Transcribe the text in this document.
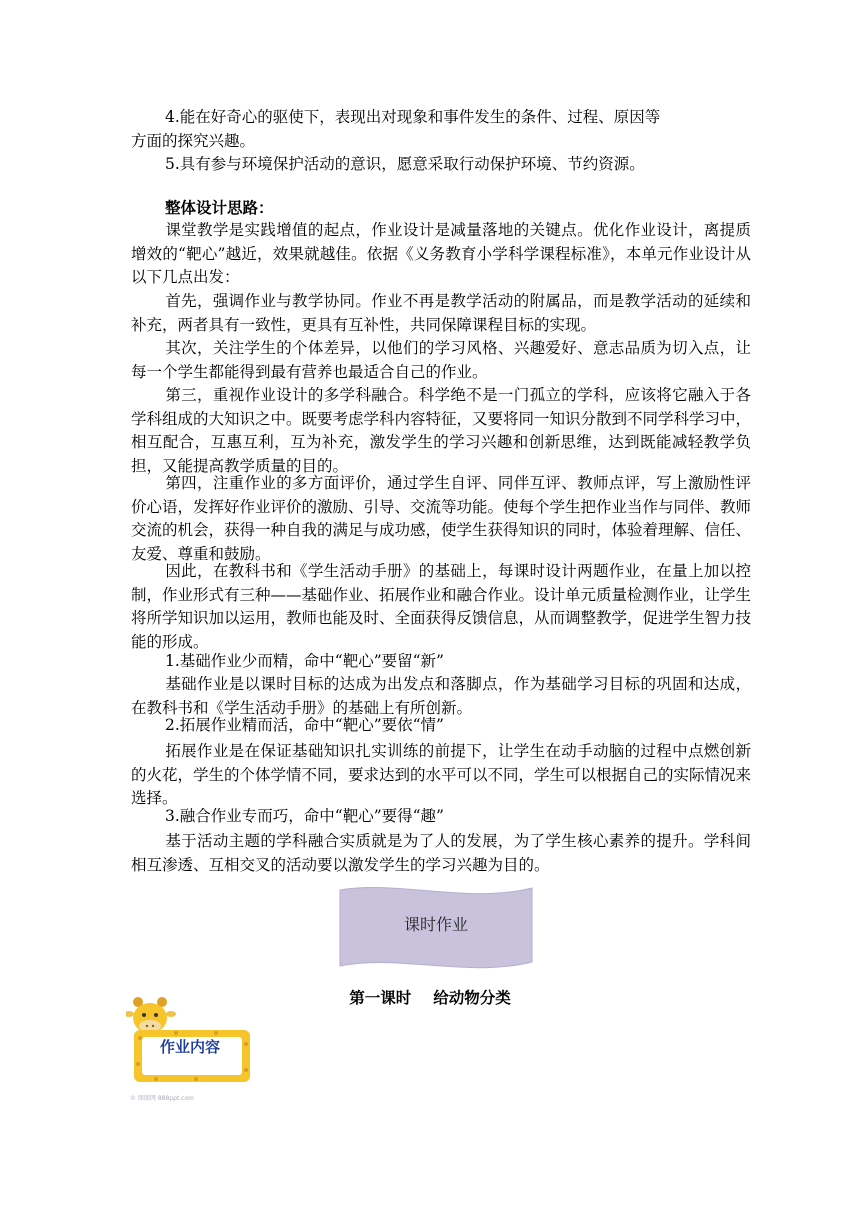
4.能在好奇心的驱使下，表现出对现象和事件发生的条件、过程、原因等

方面的探究兴趣。

5.具有参与环境保护活动的意识，愿意采取行动保护环境、节约资源。

整体设计思路：

课堂教学是实践增值的起点，作业设计是减量落地的关键点。优化作业设计，离提质增效的“靶心”越近，效果就越佳。依据《义务教育小学科学课程标准》，本单元作业设计从以下几点出发：

首先，强调作业与教学协同。作业不再是教学活动的附属品，而是教学活动的延续和补充，两者具有一致性，更具有互补性，共同保障课程目标的实现。

其次，关注学生的个体差异，以他们的学习风格、兴趣爱好、意志品质为切入点，让每一个学生都能得到最有营养也最适合自己的作业。

第三，重视作业设计的多学科融合。科学绝不是一门孤立的学科，应该将它融入于各学科组成的大知识之中。既要考虑学科内容特征，又要将同一知识分散到不同学科学习中，相互配合，互惠互利，互为补充，激发学生的学习兴趣和创新思维，达到既能减轻教学负担，又能提高教学质量的目的。

第四，注重作业的多方面评价，通过学生自评、同伴互评、教师点评，写上激励性评价心语，发挥好作业评价的激励、引导、交流等功能。使每个学生把作业当作与同伴、教师交流的机会，获得一种自我的满足与成功感，使学生获得知识的同时，体验着理解、信任、友爱、尊重和鼓励。

因此，在教科书和《学生活动手册》的基础上，每课时设计两题作业，在量上加以控制，作业形式有三种——基础作业、拓展作业和融合作业。设计单元质量检测作业，让学生将所学知识加以运用，教师也能及时、全面获得反馈信息，从而调整教学，促进学生智力技能的形成。

1.基础作业少而精，命中“靶心”要留“新”

基础作业是以课时目标的达成为出发点和落脚点，作为基础学习目标的巩固和达成，在教科书和《学生活动手册》的基础上有所创新。

2.拓展作业精而活，命中“靶心”要依“情”

拓展作业是在保证基础知识扎实训练的前提下，让学生在动手动脑的过程中点燃创新的火花，学生的个体学情不同，要求达到的水平可以不同，学生可以根据自己的实际情况来选择。

3.融合作业专而巧，命中“靶心”要得“趣”

基于活动主题的学科融合实质就是为了人的发展，为了学生核心素养的提升。学科间相互渗透、互相交叉的活动要以激发学生的学习兴趣为目的。

课时作业
第一课时 给动物分类
作业内容
© 图图网 888ppt.com
